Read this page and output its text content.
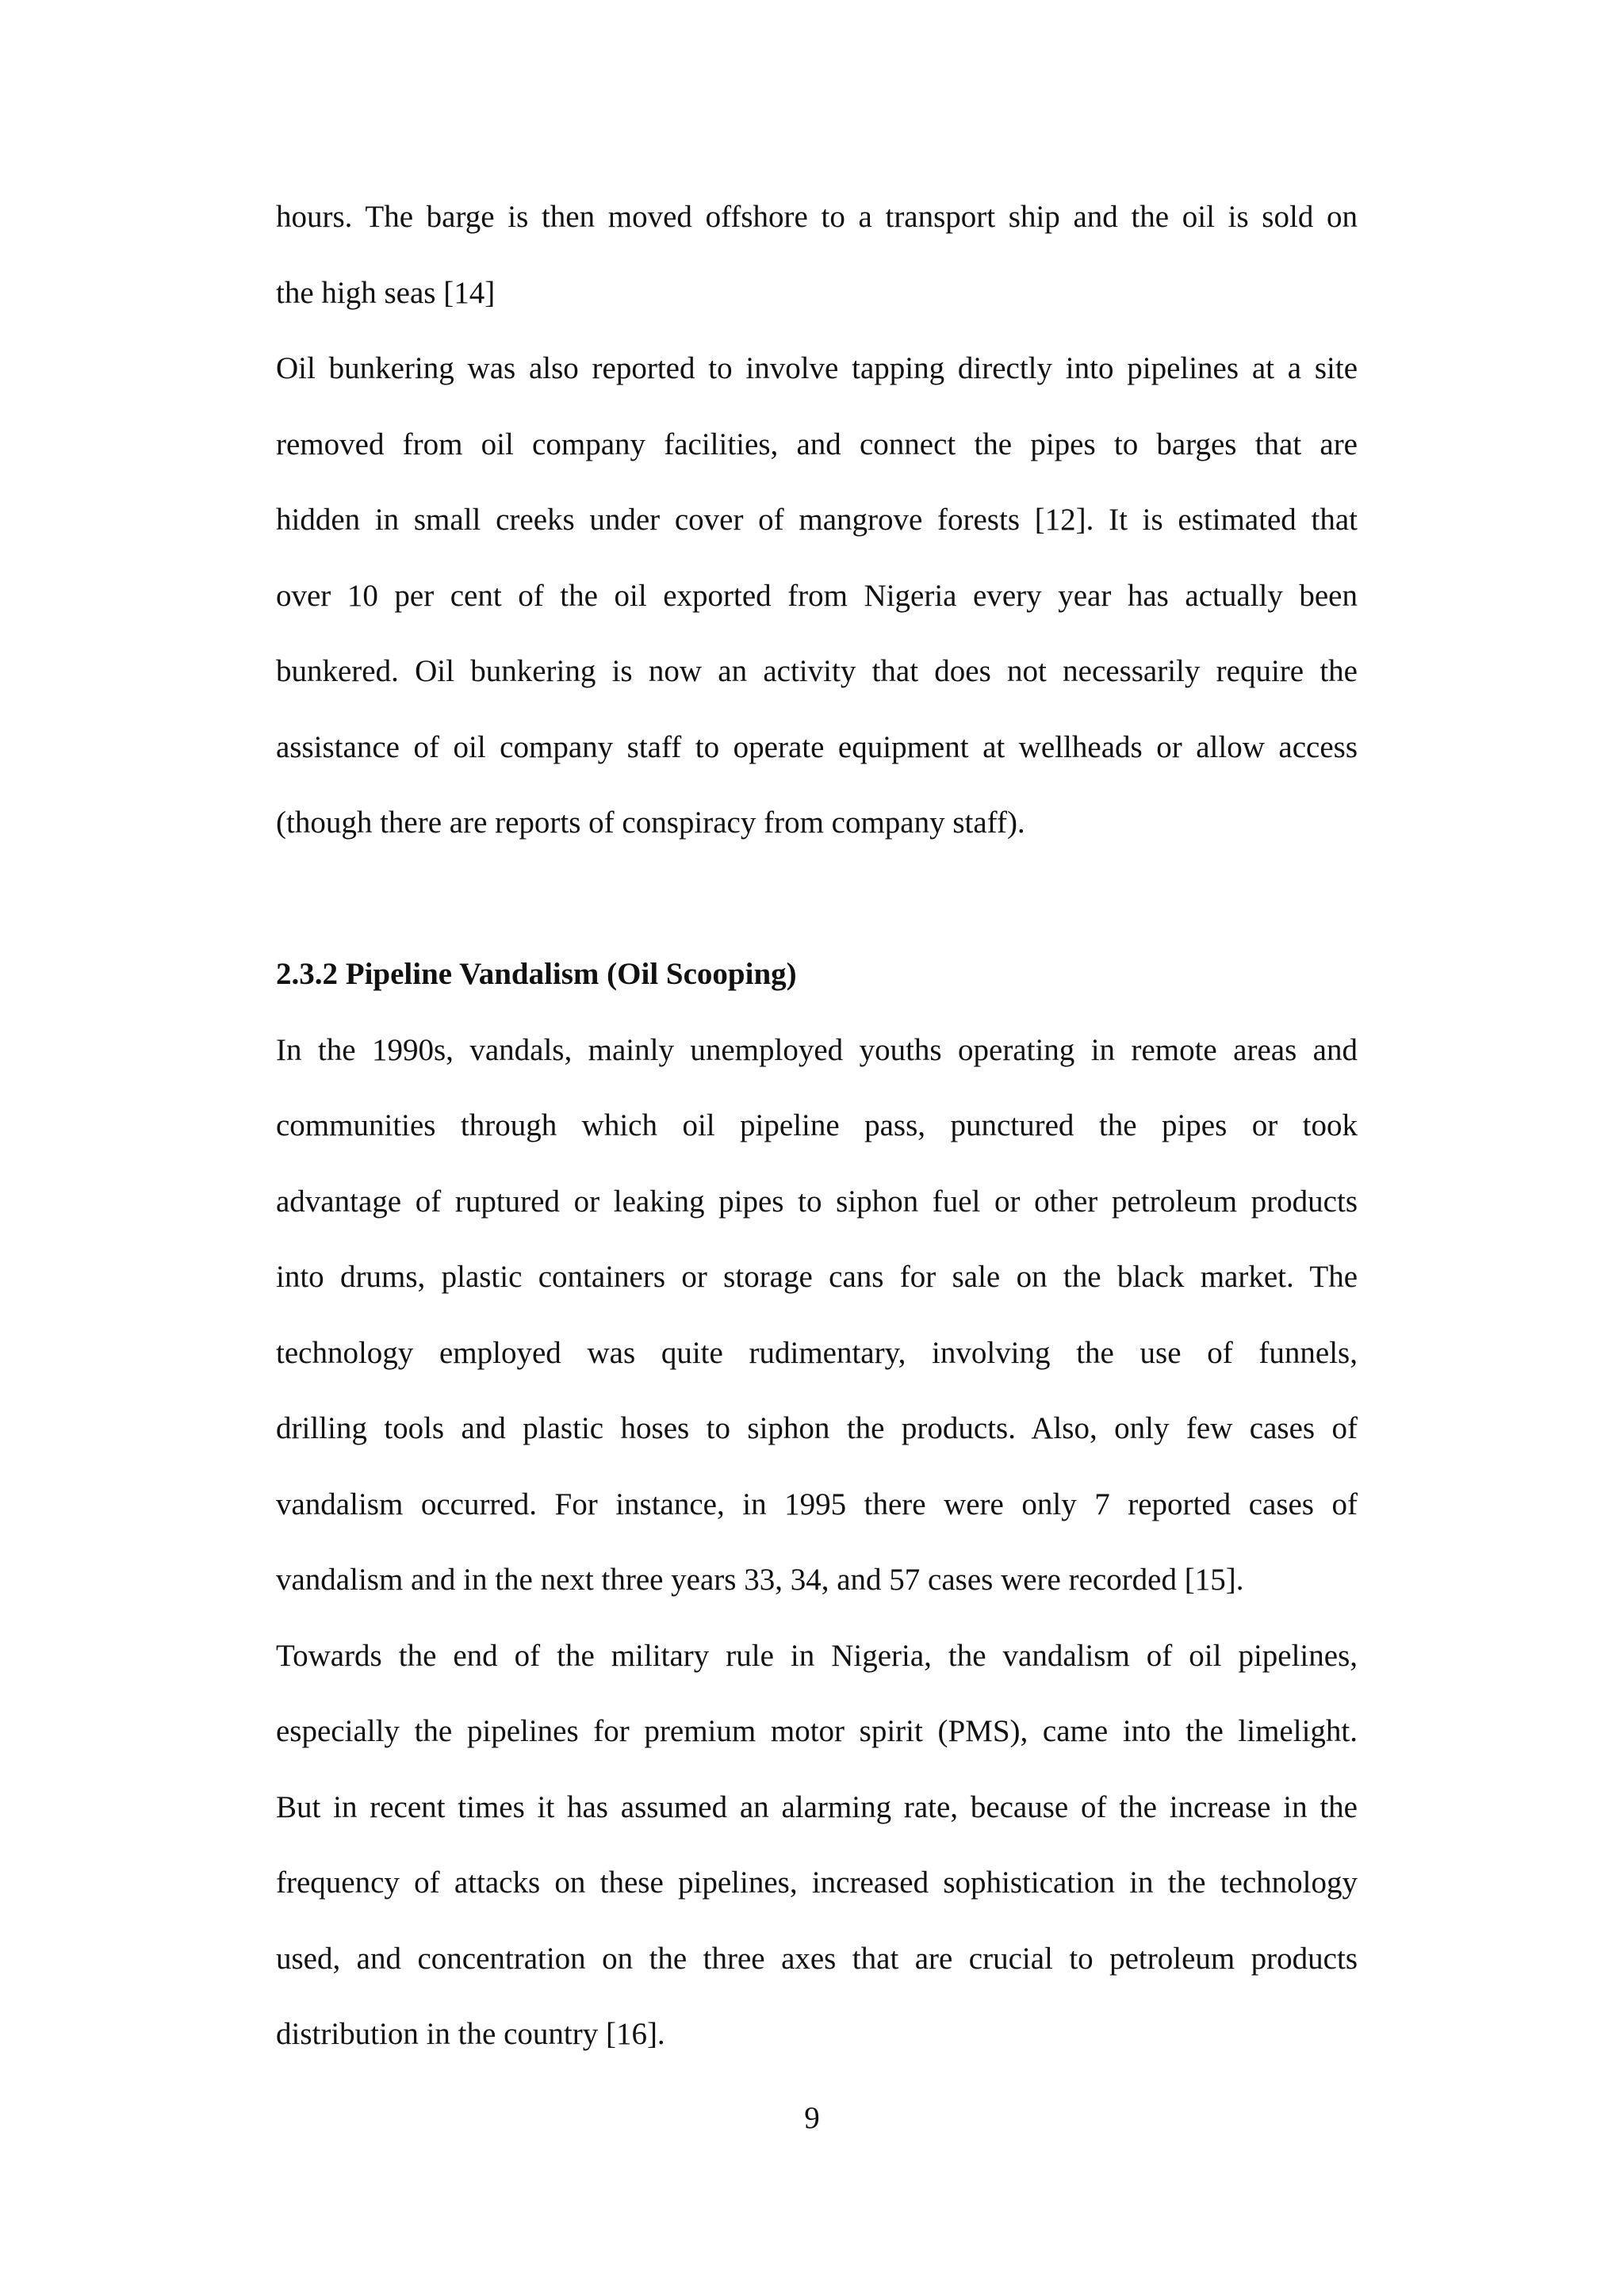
hours. The barge is then moved offshore to a transport ship and the oil is sold on
the high seas [14]
Oil bunkering was also reported to involve tapping directly into pipelines at a site
removed from oil company facilities, and connect the pipes to barges that are
hidden in small creeks under cover of mangrove forests [12]. It is estimated that
over 10 per cent of the oil exported from Nigeria every year has actually been
bunkered. Oil bunkering is now an activity that does not necessarily require the
assistance of oil company staff to operate equipment at wellheads or allow access
(though there are reports of conspiracy from company staff).
2.3.2 Pipeline Vandalism (Oil Scooping)
In the 1990s, vandals, mainly unemployed youths operating in remote areas and
communities through which oil pipeline pass, punctured the pipes or took
advantage of ruptured or leaking pipes to siphon fuel or other petroleum products
into drums, plastic containers or storage cans for sale on the black market. The
technology employed was quite rudimentary, involving the use of funnels,
drilling tools and plastic hoses to siphon the products. Also, only few cases of
vandalism occurred. For instance, in 1995 there were only 7 reported cases of
vandalism and in the next three years 33, 34, and 57 cases were recorded [15].
Towards the end of the military rule in Nigeria, the vandalism of oil pipelines,
especially the pipelines for premium motor spirit (PMS), came into the limelight.
But in recent times it has assumed an alarming rate, because of the increase in the
frequency of attacks on these pipelines, increased sophistication in the technology
used, and concentration on the three axes that are crucial to petroleum products
distribution in the country [16].
9
